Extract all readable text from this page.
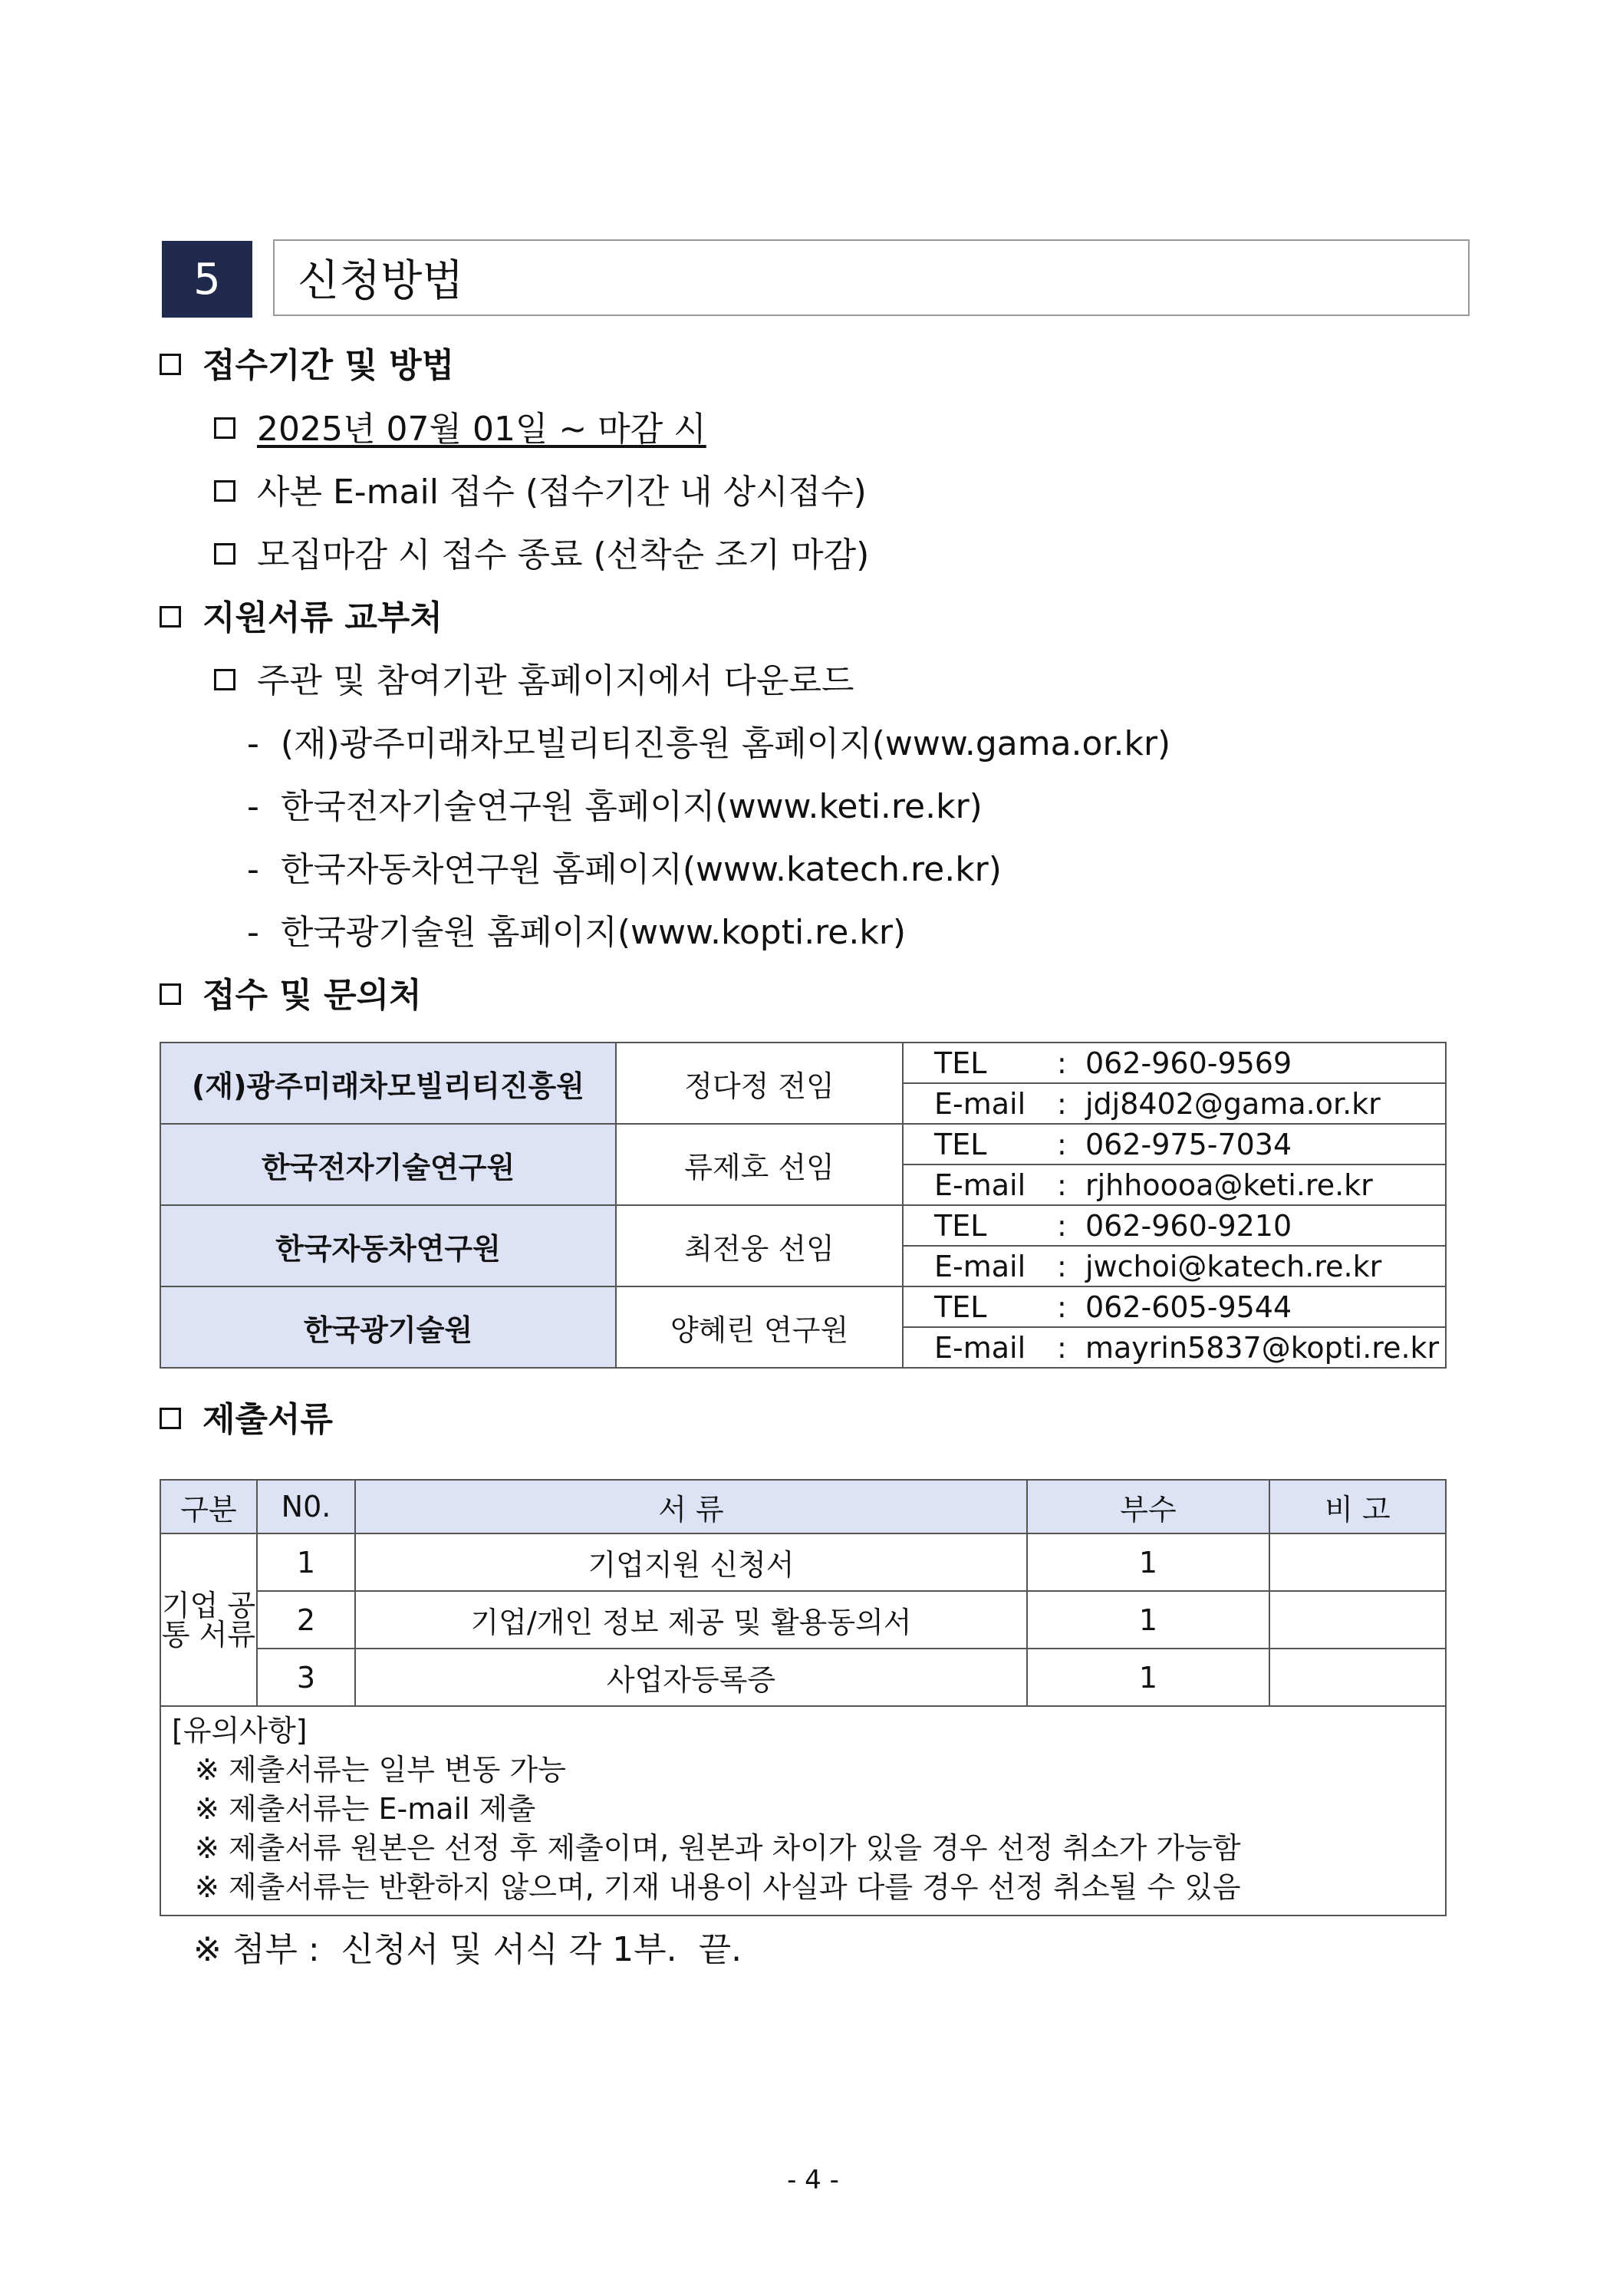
5	신청방법
접수기간 및 방법
2025년 07월 01일 ~ 마감 시
사본 E-mail 접수 (접수기간 내 상시접수)
모집마감 시 접수 종료 (선착순 조기 마감)
지원서류 교부처
주관 및 참여기관 홈페이지에서 다운로드
-  (재)광주미래차모빌리티진흥원 홈페이지(www.gama.or.kr)
-  한국전자기술연구원 홈페이지(www.keti.re.kr)
-  한국자동차연구원 홈페이지(www.katech.re.kr)
-  한국광기술원 홈페이지(www.kopti.re.kr)
접수 및 문의처
(재)광주미래차모빌리티진흥원	정다정 전임	TEL :  062-960-9569
		E-mail :  jdj8402@gama.or.kr
한국전자기술연구원	류제호 선임	TEL :  062-975-7034
		E-mail :  rjhhoooa@keti.re.kr
한국자동차연구원	최전웅 선임	TEL :  062-960-9210
		E-mail :  jwchoi@katech.re.kr
한국광기술원	양혜린 연구원	TEL :  062-605-9544
		E-mail :  mayrin5837@kopti.re.kr
제출서류
구분	N0.	서 류	부수	비 고
기업 공통 서류	1	기업지원 신청서	1	
	2	기업/개인 정보 제공 및 활용동의서	1	
	3	사업자등록증	1	

[유의사항]
※ 제출서류는 일부 변동 가능
※ 제출서류는 E-mail 제출
※ 제출서류 원본은 선정 후 제출이며, 원본과 차이가 있을 경우 선정 취소가 가능함
※ 제출서류는 반환하지 않으며, 기재 내용이 사실과 다를 경우 선정 취소될 수 있음				
※ 첨부 :  신청서 및 서식 각 1부.  끝.
- 4 -
